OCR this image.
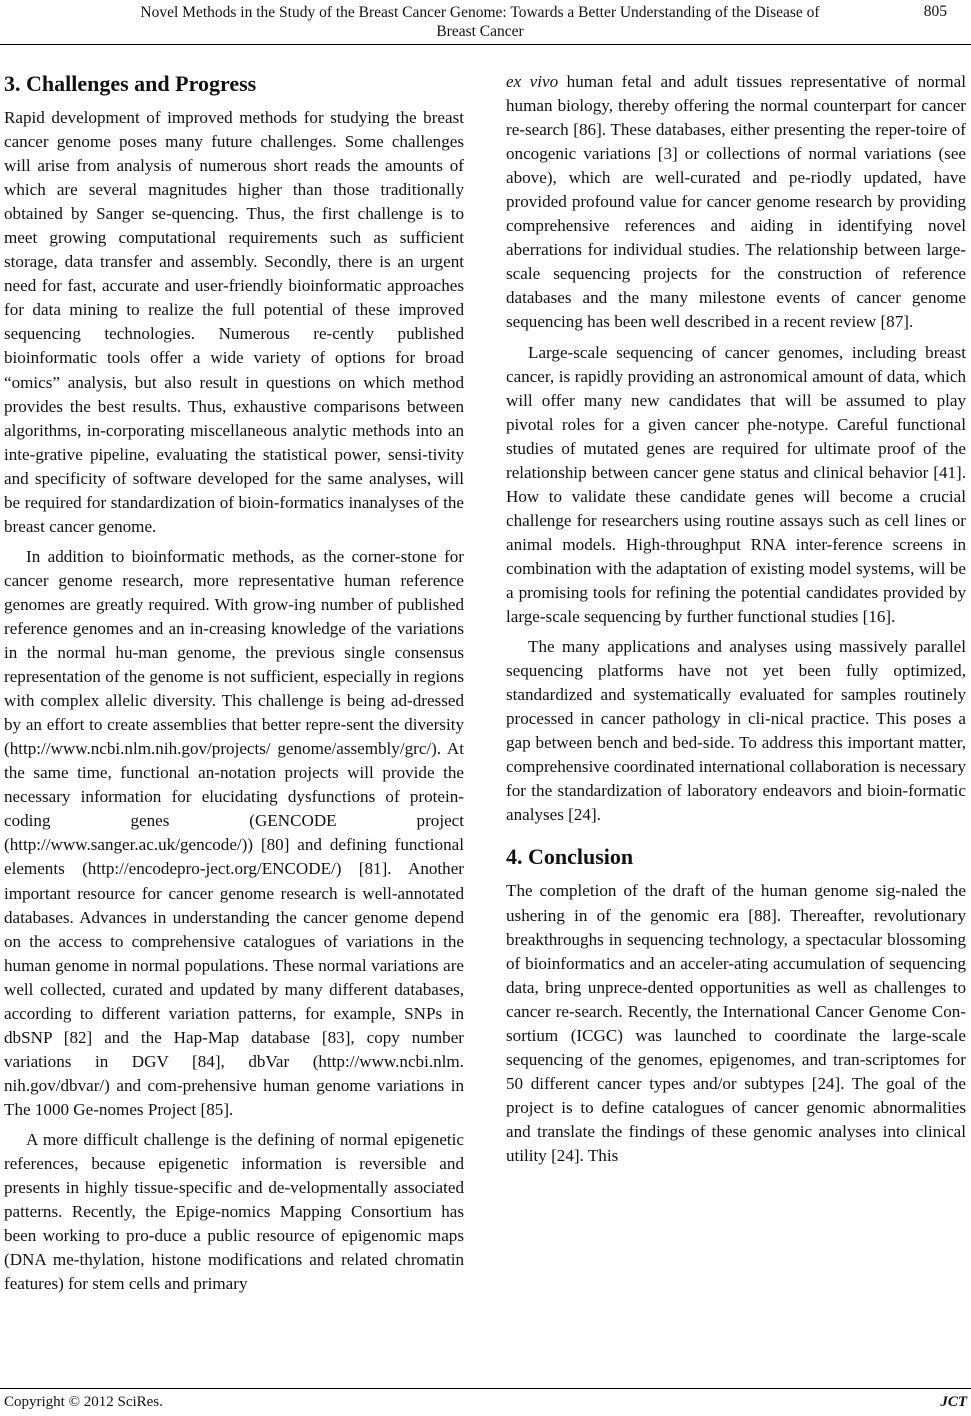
Novel Methods in the Study of the Breast Cancer Genome: Towards a Better Understanding of the Disease of Breast Cancer
805
3. Challenges and Progress

Rapid development of improved methods for studying the breast cancer genome poses many future challenges. Some challenges will arise from analysis of numerous short reads the amounts of which are several magnitudes higher than those traditionally obtained by Sanger se-quencing. Thus, the first challenge is to meet growing computational requirements such as sufficient storage, data transfer and assembly. Secondly, there is an urgent need for fast, accurate and user-friendly bioinformatic approaches for data mining to realize the full potential of these improved sequencing technologies. Numerous re-cently published bioinformatic tools offer a wide variety of options for broad “omics” analysis, but also result in questions on which method provides the best results. Thus, exhaustive comparisons between algorithms, in-corporating miscellaneous analytic methods into an inte-grative pipeline, evaluating the statistical power, sensi-tivity and specificity of software developed for the same analyses, will be required for standardization of bioin-formatics inanalyses of the breast cancer genome.

In addition to bioinformatic methods, as the corner-stone for cancer genome research, more representative human reference genomes are greatly required. With grow-ing number of published reference genomes and an in-creasing knowledge of the variations in the normal hu-man genome, the previous single consensus representation of the genome is not sufficient, especially in regions with complex allelic diversity. This challenge is being ad-dressed by an effort to create assemblies that better repre-sent the diversity (http://www.ncbi.nlm.nih.gov/projects/ genome/assembly/grc/). At the same time, functional an-notation projects will provide the necessary information for elucidating dysfunctions of protein-coding genes (GENCODE project (http://www.sanger.ac.uk/gencode/)) [80] and defining functional elements (http://encodepro-ject.org/ENCODE/) [81]. Another important resource for cancer genome research is well-annotated databases. Advances in understanding the cancer genome depend on the access to comprehensive catalogues of variations in the human genome in normal populations. These normal variations are well collected, curated and updated by many different databases, according to different variation patterns, for example, SNPs in dbSNP [82] and the Hap-Map database [83], copy number variations in DGV [84], dbVar (http://www.ncbi.nlm. nih.gov/dbvar/) and com-prehensive human genome variations in The 1000 Ge-nomes Project [85].

A more difficult challenge is the defining of normal epigenetic references, because epigenetic information is reversible and presents in highly tissue-specific and de-velopmentally associated patterns. Recently, the Epige-nomics Mapping Consortium has been working to pro-duce a public resource of epigenomic maps (DNA me-thylation, histone modifications and related chromatin features) for stem cells and primary

ex vivo human fetal and adult tissues representative of normal human biology, thereby offering the normal counterpart for cancer re-search [86]. These databases, either presenting the reper-toire of oncogenic variations [3] or collections of normal variations (see above), which are well-curated and pe-riodly updated, have provided profound value for cancer genome research by providing comprehensive references and aiding in identifying novel aberrations for individual studies. The relationship between large-scale sequencing projects for the construction of reference databases and the many milestone events of cancer genome sequencing has been well described in a recent review [87].

Large-scale sequencing of cancer genomes, including breast cancer, is rapidly providing an astronomical amount of data, which will offer many new candidates that will be assumed to play pivotal roles for a given cancer phe-notype. Careful functional studies of mutated genes are required for ultimate proof of the relationship between cancer gene status and clinical behavior [41]. How to validate these candidate genes will become a crucial challenge for researchers using routine assays such as cell lines or animal models. High-throughput RNA inter-ference screens in combination with the adaptation of existing model systems, will be a promising tools for refining the potential candidates provided by large-scale sequencing by further functional studies [16].

The many applications and analyses using massively parallel sequencing platforms have not yet been fully optimized, standardized and systematically evaluated for samples routinely processed in cancer pathology in cli-nical practice. This poses a gap between bench and bed-side. To address this important matter, comprehensive coordinated international collaboration is necessary for the standardization of laboratory endeavors and bioin-formatic analyses [24].

4. Conclusion

The completion of the draft of the human genome sig-naled the ushering in of the genomic era [88]. Thereafter, revolutionary breakthroughs in sequencing technology, a spectacular blossoming of bioinformatics and an acceler-ating accumulation of sequencing data, bring unprece-dented opportunities as well as challenges to cancer re-search. Recently, the International Cancer Genome Con-sortium (ICGC) was launched to coordinate the large-scale sequencing of the genomes, epigenomes, and tran-scriptomes for 50 different cancer types and/or subtypes [24]. The goal of the project is to define catalogues of cancer genomic abnormalities and translate the findings of these genomic analyses into clinical utility [24]. This

Copyright © 2012 SciRes.	JCT
